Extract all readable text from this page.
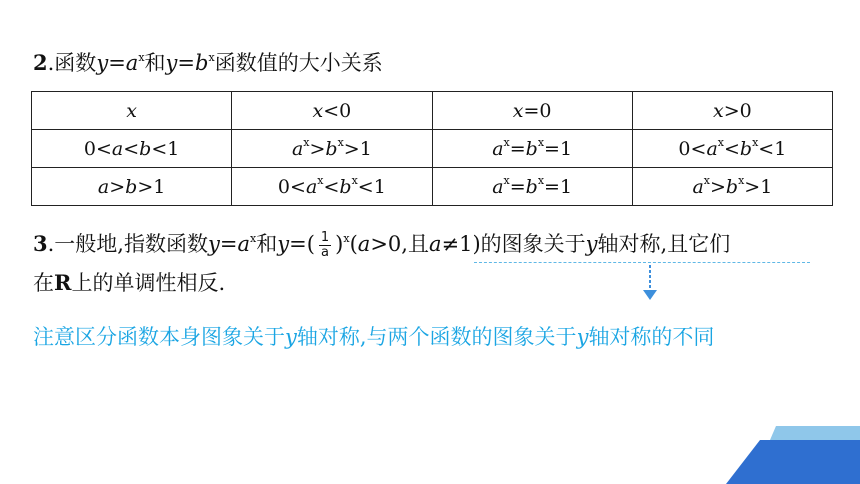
2.函数$y=a^x$和$y=b^x$函数值的大小关系
x	x<0	x=0	x>0
0<a<b<1	$a^x>b^x>1$	$a^x=b^x=1$	$0<a^x<b^x<1$
a>b>1	$0<a^x<b^x<1$	$a^x=b^x=1$	$a^x>b^x>1$
3.一般地,指数函数$y=a^x$和$y=( \frac{1}{a} )^x(a>0$,且a≠1)的图象关于y轴对称,且它们
在R上的单调性相反.
注意区分函数本身图象关于y轴对称,与两个函数的图象关于y轴对称的不同
